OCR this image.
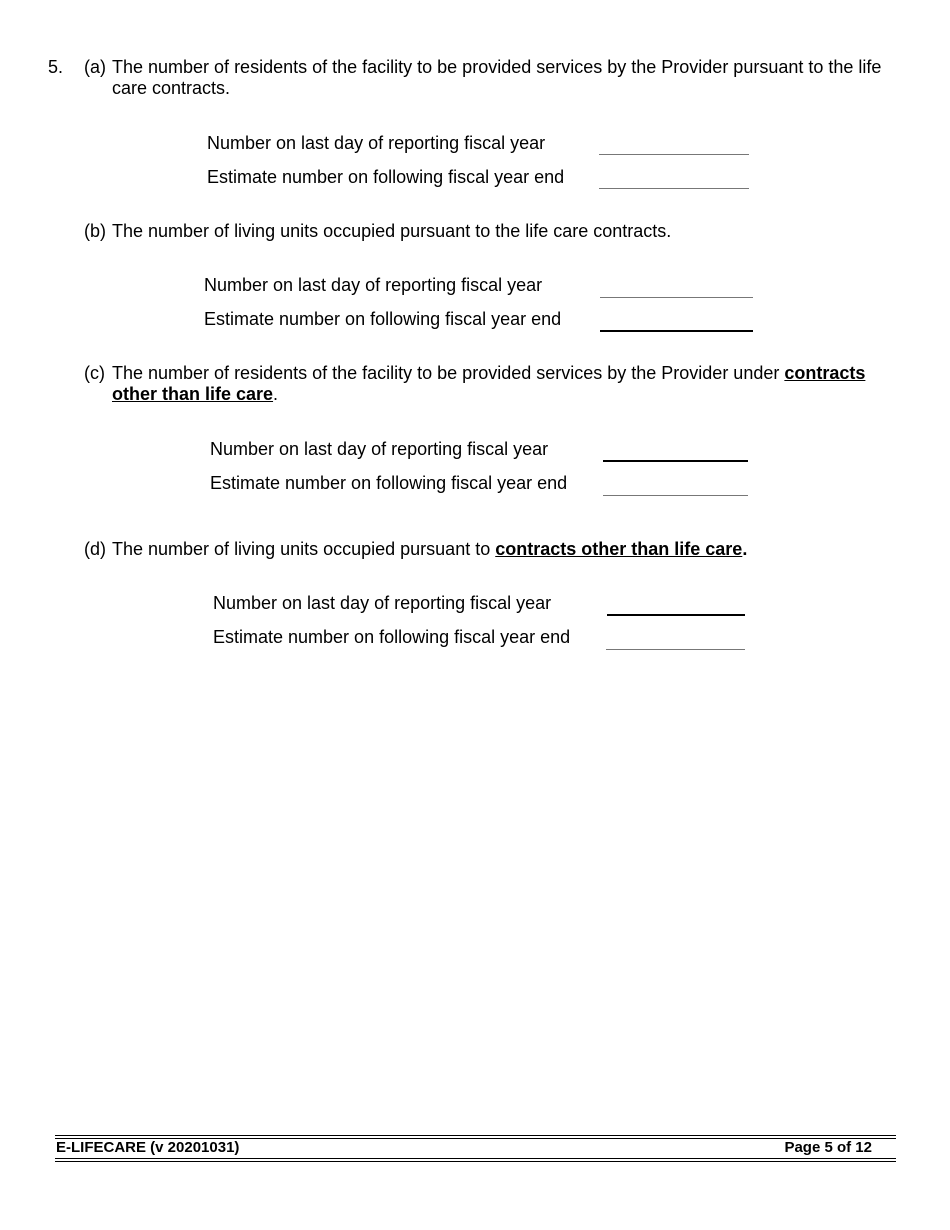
5. (a) The number of residents of the facility to be provided services by the Provider pursuant to the life care contracts.
Number on last day of reporting fiscal year
Estimate number on following fiscal year end
(b) The number of living units occupied pursuant to the life care contracts.
Number on last day of reporting fiscal year
Estimate number on following fiscal year end
(c) The number of residents of the facility to be provided services by the Provider under contracts other than life care.
Number on last day of reporting fiscal year
Estimate number on following fiscal year end
(d) The number of living units occupied pursuant to contracts other than life care.
Number on last day of reporting fiscal year
Estimate number on following fiscal year end
E-LIFECARE (v 20201031)	Page 5 of 12
